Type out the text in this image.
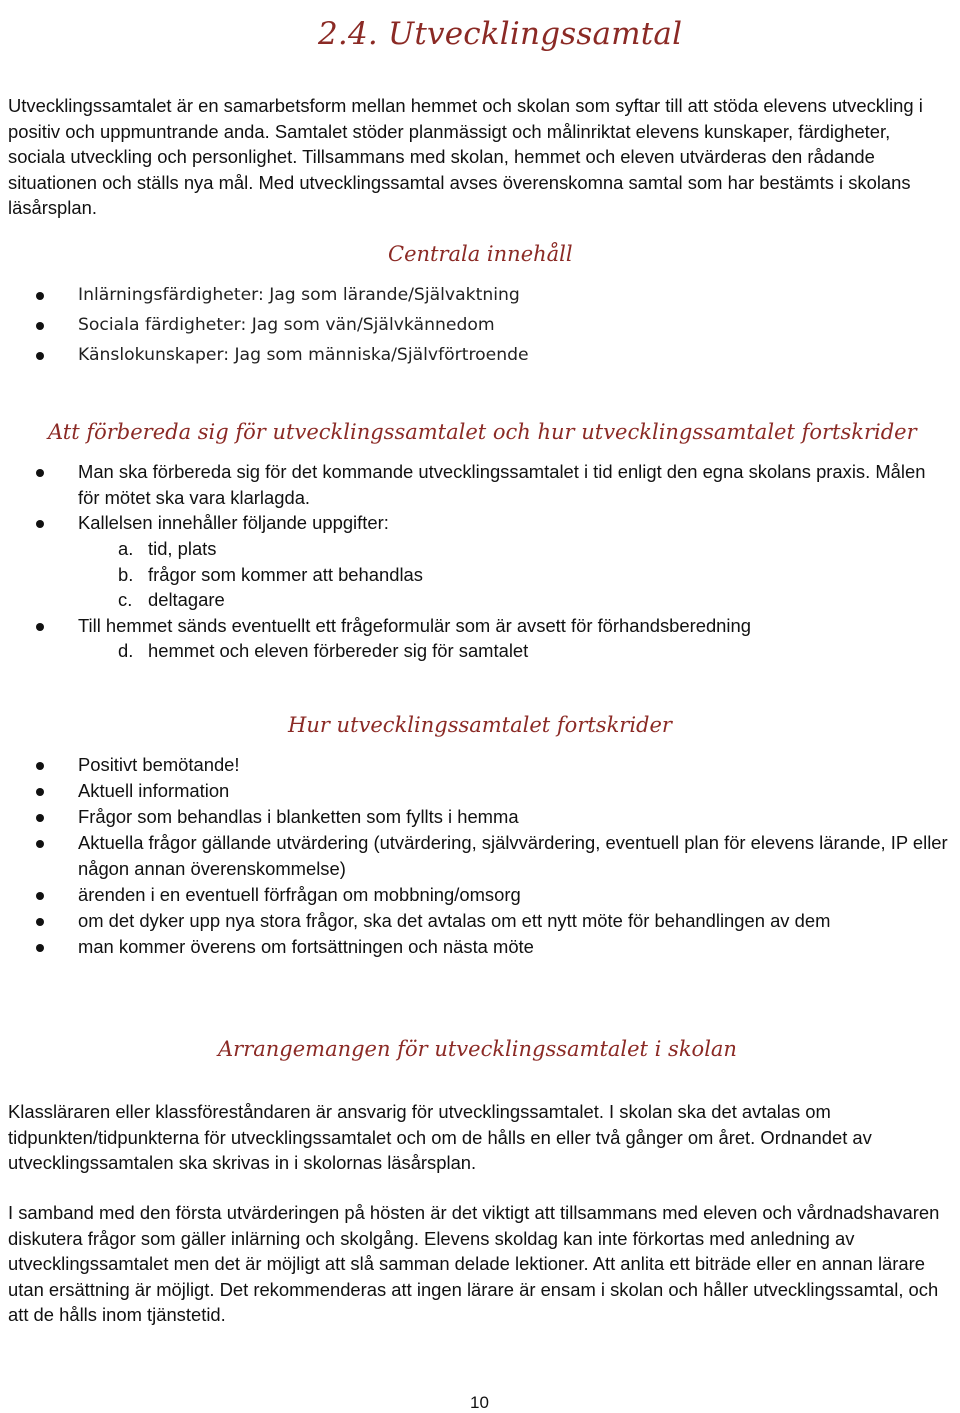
2.4. Utvecklingssamtal

Utvecklingssamtalet är en samarbetsform mellan hemmet och skolan som syftar till att stöda elevens utveckling i positiv och uppmuntrande anda. Samtalet stöder planmässigt och målinriktat elevens kunskaper, färdigheter, sociala utveckling och personlighet. Tillsammans med skolan, hemmet och eleven utvärderas den rådande situationen och ställs nya mål. Med utvecklingssamtal avses överenskomna samtal som har bestämts i skolans läsårsplan.

Centrala innehåll
Inlärningsfärdigheter: Jag som lärande/Självaktning
Sociala färdigheter: Jag som vän/Självkännedom
Känslokunskaper: Jag som människa/Självförtroende
Att förbereda sig för utvecklingssamtalet och hur utvecklingssamtalet fortskrider
Man ska förbereda sig för det kommande utvecklingssamtalet i tid enligt den egna skolans praxis. Målen för mötet ska vara klarlagda.
Kallelsen innehåller följande uppgifter:
a. tid, plats
b. frågor som kommer att behandlas
c. deltagare
Till hemmet sänds eventuellt ett frågeformulär som är avsett för förhandsberedning
d. hemmet och eleven förbereder sig för samtalet
Hur utvecklingssamtalet fortskrider
Positivt bemötande!
Aktuell information
Frågor som behandlas i blanketten som fyllts i hemma
Aktuella frågor gällande utvärdering (utvärdering, självvärdering, eventuell plan för elevens lärande, IP eller någon annan överenskommelse)
ärenden i en eventuell förfrågan om mobbning/omsorg
om det dyker upp nya stora frågor, ska det avtalas om ett nytt möte för behandlingen av dem
man kommer överens om fortsättningen och nästa möte
Arrangemangen för utvecklingssamtalet i skolan

Klassläraren eller klassföreståndaren är ansvarig för utvecklingssamtalet. I skolan ska det avtalas om tidpunkten/tidpunkterna för utvecklingssamtalet och om de hålls en eller två gånger om året. Ordnandet av utvecklingssamtalen ska skrivas in i skolornas läsårsplan.

I samband med den första utvärderingen på hösten är det viktigt att tillsammans med eleven och vårdnadshavaren diskutera frågor som gäller inlärning och skolgång. Elevens skoldag kan inte förkortas med anledning av utvecklingssamtalet men det är möjligt att slå samman delade lektioner. Att anlita ett biträde eller en annan lärare utan ersättning är möjligt. Det rekommenderas att ingen lärare är ensam i skolan och håller utvecklingssamtal, och att de hålls inom tjänstetid.

10
